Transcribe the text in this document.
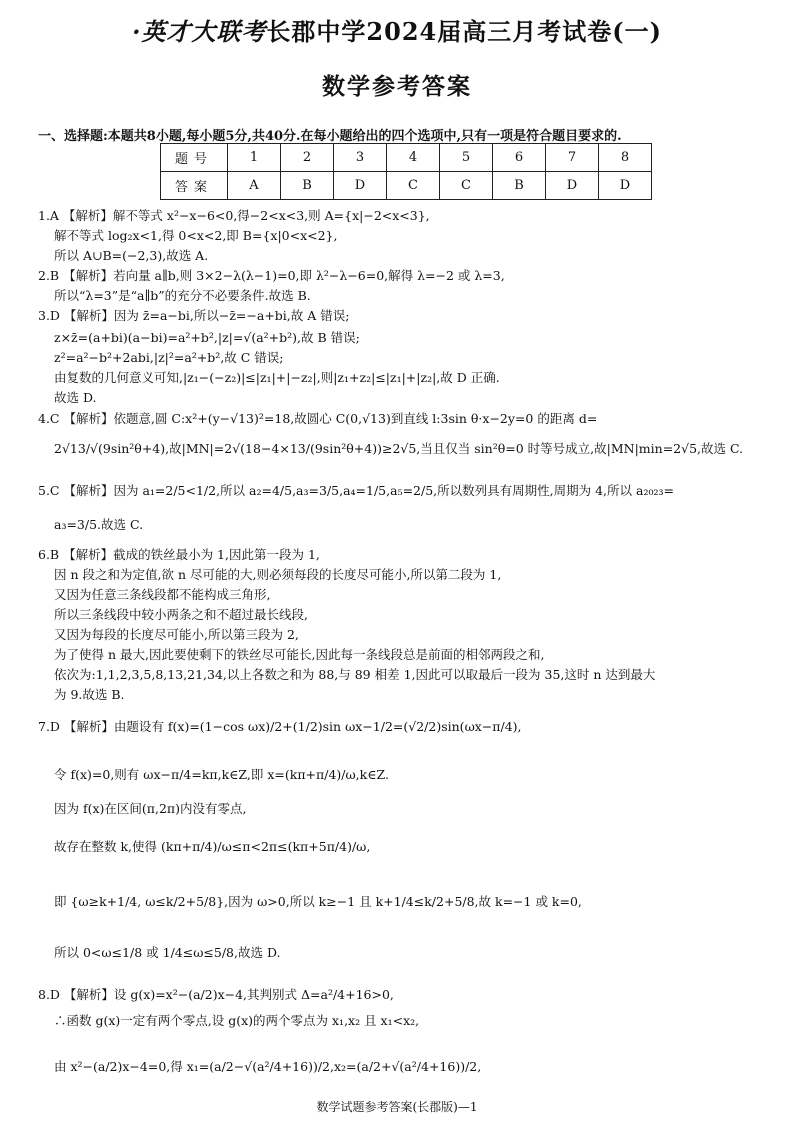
·英才大联考长郡中学2024届高三月考试卷(一)
数学参考答案
一、选择题:本题共8小题,每小题5分,共40分.在每小题给出的四个选项中,只有一项是符合题目要求的.
题号	1	2	3	4	5	6	7	8
答案	A	B	D	C	C	B	D	D
1.A 【解析】解不等式 x²−x−6<0,得−2<x<3,则 A={x|−2<x<3},
解不等式 log₂x<1,得 0<x<2,即 B={x|0<x<2},
所以 A∪B=(−2,3),故选 A.
2.B 【解析】若向量 a∥b,则 3×2−λ(λ−1)=0,即 λ²−λ−6=0,解得 λ=−2 或 λ=3,
所以“λ=3”是“a∥b”的充分不必要条件.故选 B.
3.D 【解析】因为 z̄=a−bi,所以−z̄=−a+bi,故 A 错误;
z×z̄=(a+bi)(a−bi)=a²+b²,|z|=√(a²+b²),故 B 错误;
z²=a²−b²+2abi,|z|²=a²+b²,故 C 错误;
由复数的几何意义可知,|z₁−(−z₂)|≤|z₁|+|−z₂|,则|z₁+z₂|≤|z₁|+|z₂|,故 D 正确.
故选 D.
4.C 【解析】依题意,圆 C:x²+(y−√13)²=18,故圆心 C(0,√13)到直线 l:3sin θ·x−2y=0 的距离 d=
2√13/√(9sin²θ+4),故|MN|=2√(18−4×13/(9sin²θ+4))≥2√5,当且仅当 sin²θ=0 时等号成立,故|MN|min=2√5,故选 C.
5.C 【解析】因为 a₁=2/5<1/2,所以 a₂=4/5,a₃=3/5,a₄=1/5,a₅=2/5,所以数列具有周期性,周期为 4,所以 a₂₀₂₃=
a₃=3/5.故选 C.
6.B 【解析】截成的铁丝最小为 1,因此第一段为 1,
因 n 段之和为定值,欲 n 尽可能的大,则必须每段的长度尽可能小,所以第二段为 1,
又因为任意三条线段都不能构成三角形,
所以三条线段中较小两条之和不超过最长线段,
又因为每段的长度尽可能小,所以第三段为 2,
为了使得 n 最大,因此要使剩下的铁丝尽可能长,因此每一条线段总是前面的相邻两段之和,
依次为:1,1,2,3,5,8,13,21,34,以上各数之和为 88,与 89 相差 1,因此可以取最后一段为 35,这时 n 达到最大
为 9.故选 B.
7.D 【解析】由题设有 f(x)=(1−cos ωx)/2+(1/2)sin ωx−1/2=(√2/2)sin(ωx−π/4),
令 f(x)=0,则有 ωx−π/4=kπ,k∈Z,即 x=(kπ+π/4)/ω,k∈Z.
因为 f(x)在区间(π,2π)内没有零点,
故存在整数 k,使得 (kπ+π/4)/ω≤π<2π≤(kπ+5π/4)/ω,
即 {ω≥k+1/4, ω≤k/2+5/8},因为 ω>0,所以 k≥−1 且 k+1/4≤k/2+5/8,故 k=−1 或 k=0,
所以 0<ω≤1/8 或 1/4≤ω≤5/8,故选 D.
8.D 【解析】设 g(x)=x²−(a/2)x−4,其判别式 Δ=a²/4+16>0,
∴函数 g(x)一定有两个零点,设 g(x)的两个零点为 x₁,x₂ 且 x₁<x₂,
由 x²−(a/2)x−4=0,得 x₁=(a/2−√(a²/4+16))/2,x₂=(a/2+√(a²/4+16))/2,
数学试题参考答案(长郡版)—1
